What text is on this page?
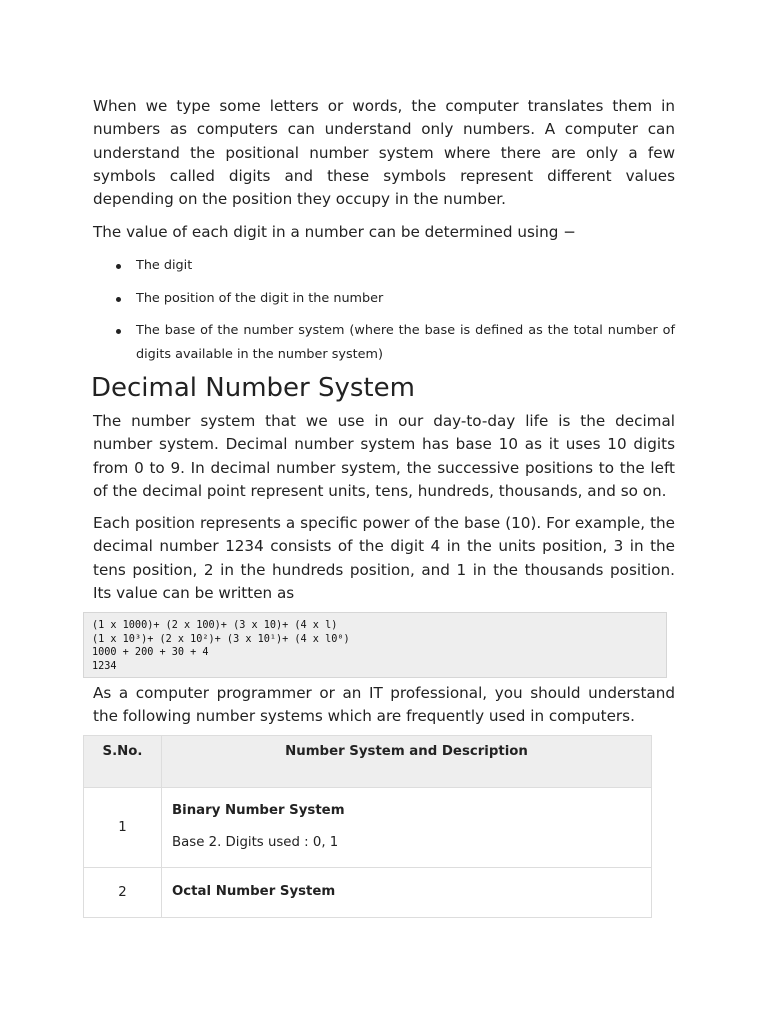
When we type some letters or words, the computer translates them in numbers as computers can understand only numbers. A computer can understand the positional number system where there are only a few symbols called digits and these symbols represent different values depending on the position they occupy in the number.

The value of each digit in a number can be determined using −

The digit
The position of the digit in the number
The base of the number system (where the base is defined as the total number of digits available in the number system)
Decimal Number System

The number system that we use in our day-to-day life is the decimal number system. Decimal number system has base 10 as it uses 10 digits from 0 to 9. In decimal number system, the successive positions to the left of the decimal point represent units, tens, hundreds, thousands, and so on.

Each position represents a specific power of the base (10). For example, the decimal number 1234 consists of the digit 4 in the units position, 3 in the tens position, 2 in the hundreds position, and 1 in the thousands position. Its value can be written as

(1 x 1000)+ (2 x 100)+ (3 x 10)+ (4 x l)
(1 x 10³)+ (2 x 10²)+ (3 x 10¹)+ (4 x l0⁰)
1000 + 200 + 30 + 4
1234

As a computer programmer or an IT professional, you should understand the following number systems which are frequently used in computers.

S.No.	Number System and Description
1	Binary Number System
Base 2. Digits used : 0, 1

2	Octal Number System
